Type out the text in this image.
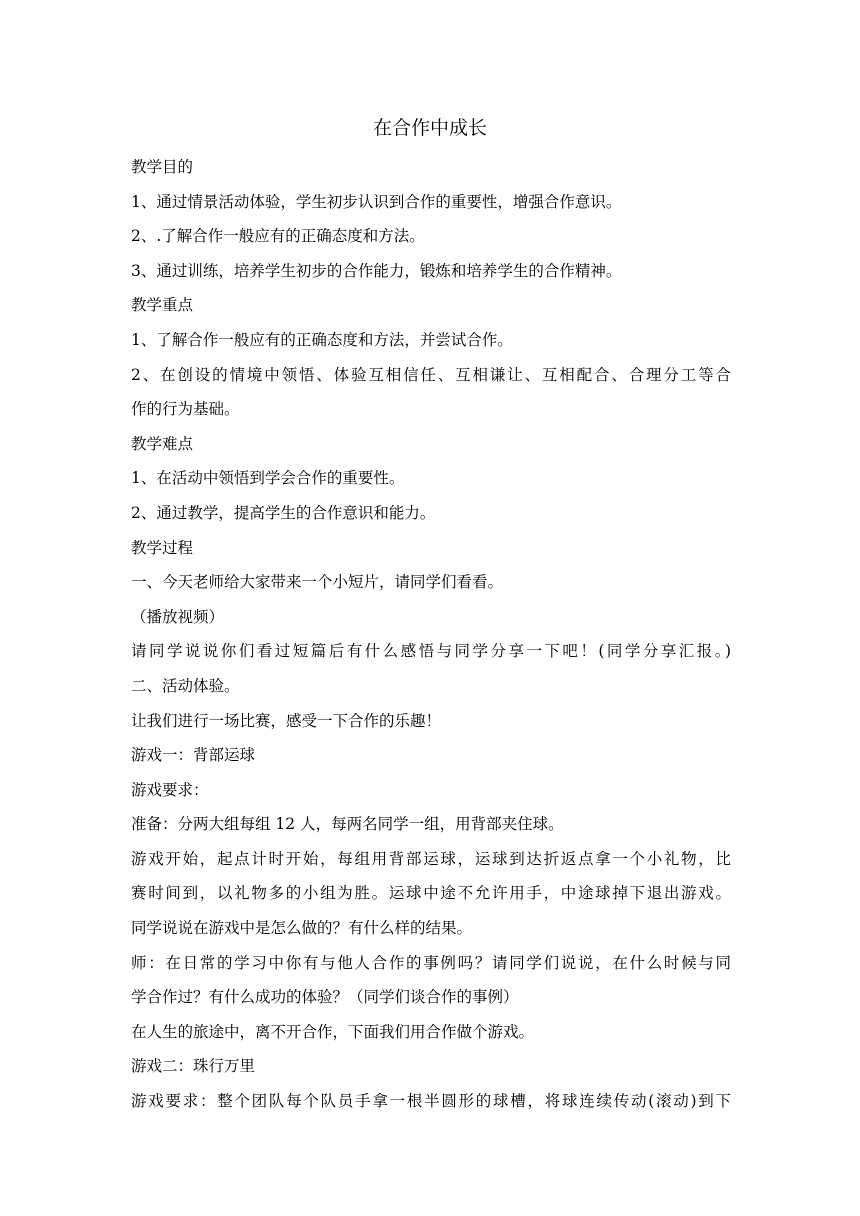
在合作中成长
教学目的
1、通过情景活动体验，学生初步认识到合作的重要性，增强合作意识。
2、.了解合作一般应有的正确态度和方法。
3、通过训练，培养学生初步的合作能力，锻炼和培养学生的合作精神。
教学重点
1、了解合作一般应有的正确态度和方法，并尝试合作。
2、在创设的情境中领悟、体验互相信任、互相谦让、互相配合、合理分工等合
作的行为基础。
教学难点
1、在活动中领悟到学会合作的重要性。
2、通过教学，提高学生的合作意识和能力。
教学过程
一、今天老师给大家带来一个小短片，请同学们看看。
（播放视频）
请同学说说你们看过短篇后有什么感悟与同学分享一下吧！(同学分享汇报。)
二、活动体验。
让我们进行一场比赛，感受一下合作的乐趣！
游戏一：背部运球
游戏要求：
准备：分两大组每组 12 人，每两名同学一组，用背部夹住球。
游戏开始，起点计时开始，每组用背部运球，运球到达折返点拿一个小礼物，比
赛时间到，以礼物多的小组为胜。运球中途不允许用手，中途球掉下退出游戏。
同学说说在游戏中是怎么做的？有什么样的结果。
师：在日常的学习中你有与他人合作的事例吗？请同学们说说，在什么时候与同
学合作过？有什么成功的体验？（同学们谈合作的事例）
在人生的旅途中，离不开合作，下面我们用合作做个游戏。
游戏二：珠行万里
游戏要求：整个团队每个队员手拿一根半圆形的球槽，将球连续传动(滚动)到下
